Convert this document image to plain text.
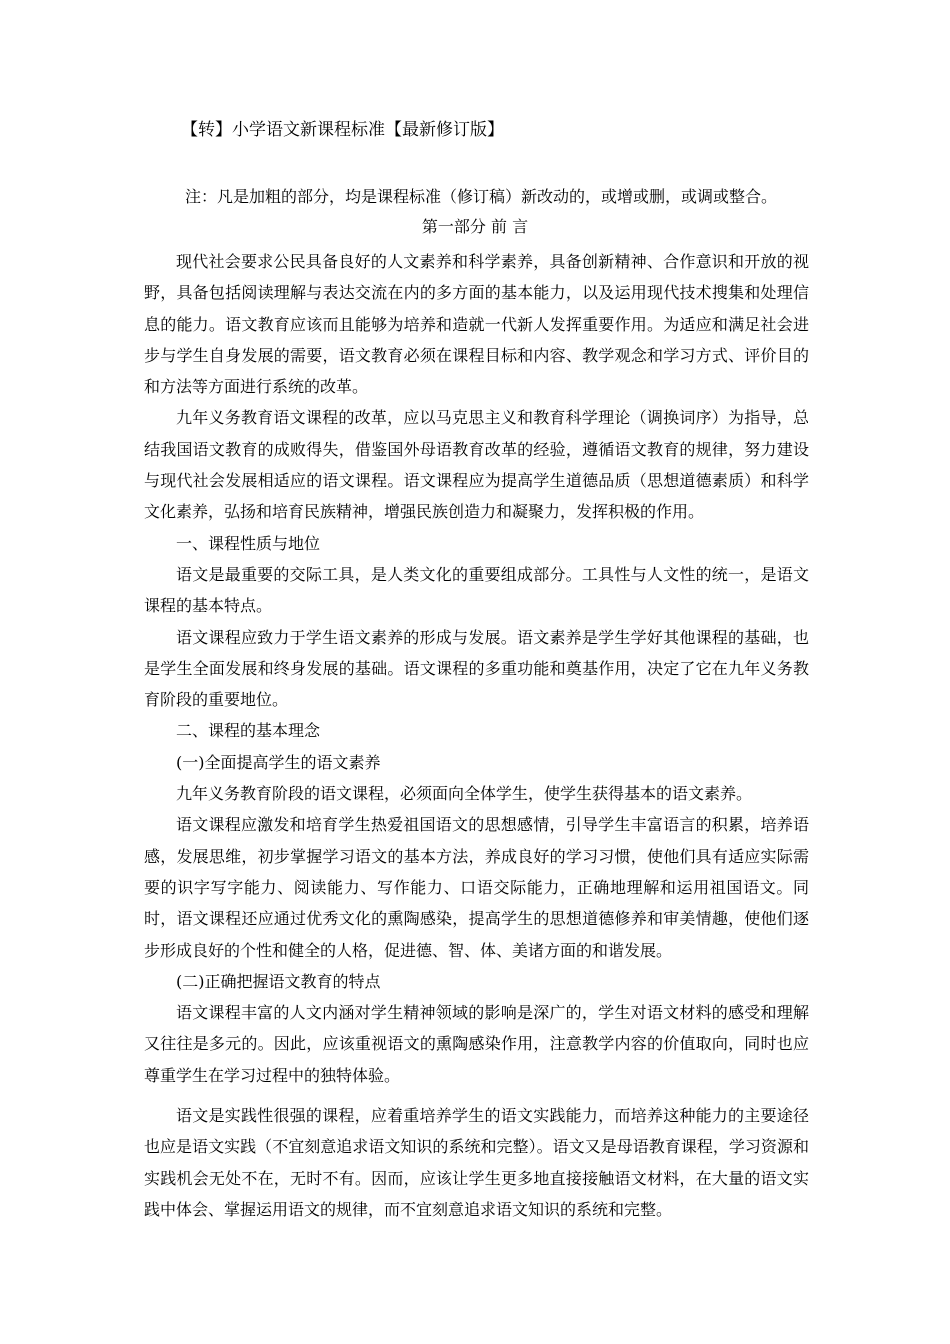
【转】小学语文新课程标准【最新修订版】
注：凡是加粗的部分，均是课程标准（修订稿）新改动的，或增或删，或调或整合。
第一部分 前 言

现代社会要求公民具备良好的人文素养和科学素养，具备创新精神、合作意识和开放的视野，具备包括阅读理解与表达交流在内的多方面的基本能力，以及运用现代技术搜集和处理信息的能力。语文教育应该而且能够为培养和造就一代新人发挥重要作用。为适应和满足社会进步与学生自身发展的需要，语文教育必须在课程目标和内容、教学观念和学习方式、评价目的和方法等方面进行系统的改革。

九年义务教育语文课程的改革，应以马克思主义和教育科学理论（调换词序）为指导，总结我国语文教育的成败得失，借鉴国外母语教育改革的经验，遵循语文教育的规律，努力建设与现代社会发展相适应的语文课程。语文课程应为提高学生道德品质（思想道德素质）和科学文化素养，弘扬和培育民族精神，增强民族创造力和凝聚力，发挥积极的作用。

一、课程性质与地位

语文是最重要的交际工具，是人类文化的重要组成部分。工具性与人文性的统一，是语文课程的基本特点。

语文课程应致力于学生语文素养的形成与发展。语文素养是学生学好其他课程的基础，也是学生全面发展和终身发展的基础。语文课程的多重功能和奠基作用，决定了它在九年义务教育阶段的重要地位。

二、课程的基本理念

(一)全面提高学生的语文素养

九年义务教育阶段的语文课程，必须面向全体学生，使学生获得基本的语文素养。

语文课程应激发和培育学生热爱祖国语文的思想感情，引导学生丰富语言的积累，培养语感，发展思维，初步掌握学习语文的基本方法，养成良好的学习习惯，使他们具有适应实际需要的识字写字能力、阅读能力、写作能力、口语交际能力，正确地理解和运用祖国语文。同时，语文课程还应通过优秀文化的熏陶感染，提高学生的思想道德修养和审美情趣，使他们逐步形成良好的个性和健全的人格，促进德、智、体、美诸方面的和谐发展。

(二)正确把握语文教育的特点

语文课程丰富的人文内涵对学生精神领域的影响是深广的，学生对语文材料的感受和理解又往往是多元的。因此，应该重视语文的熏陶感染作用，注意教学内容的价值取向，同时也应尊重学生在学习过程中的独特体验。

语文是实践性很强的课程，应着重培养学生的语文实践能力，而培养这种能力的主要途径也应是语文实践（不宜刻意追求语文知识的系统和完整）。语文又是母语教育课程，学习资源和实践机会无处不在，无时不有。因而，应该让学生更多地直接接触语文材料，在大量的语文实践中体会、掌握运用语文的规律，而不宜刻意追求语文知识的系统和完整。
